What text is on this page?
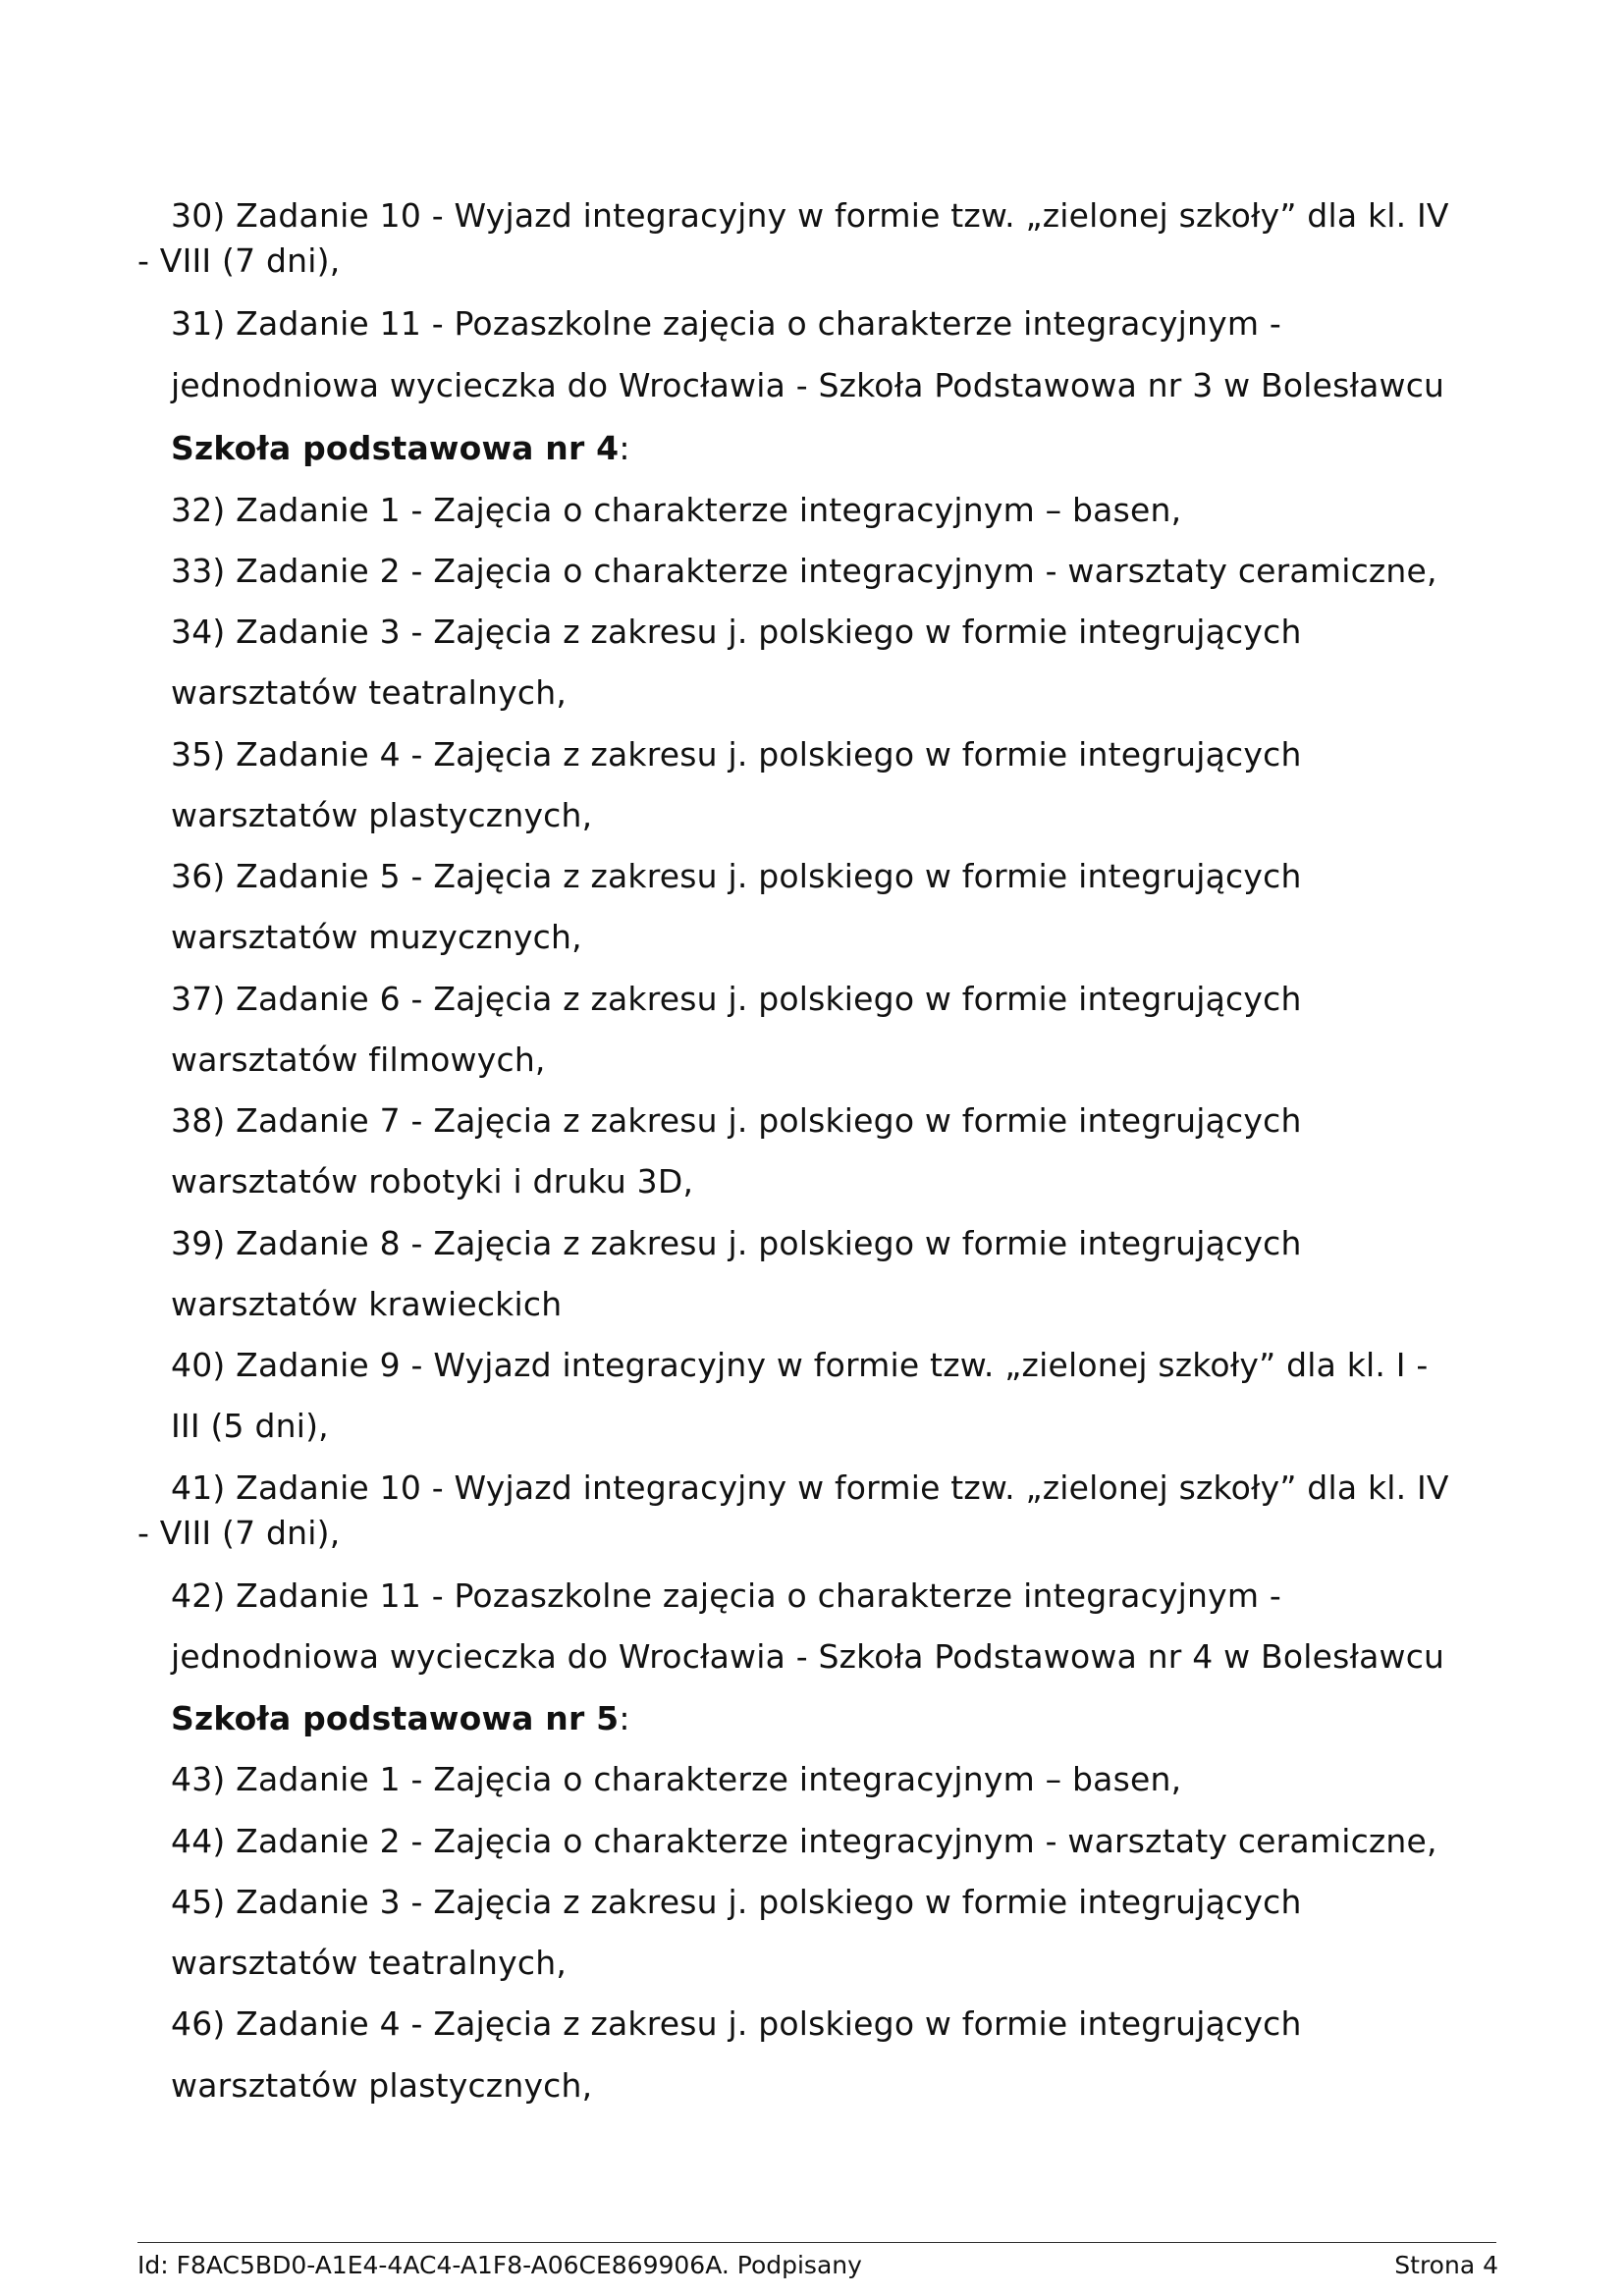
30) Zadanie 10 - Wyjazd integracyjny w formie tzw. „zielonej szkoły” dla kl. IV
- VIII (7 dni),
31) Zadanie 11 - Pozaszkolne zajęcia o charakterze integracyjnym -
jednodniowa wycieczka do Wrocławia - Szkoła Podstawowa nr 3 w Bolesławcu
Szkoła podstawowa nr 4:
32) Zadanie 1 - Zajęcia o charakterze integracyjnym – basen,
33) Zadanie 2 - Zajęcia o charakterze integracyjnym - warsztaty ceramiczne,
34) Zadanie 3 - Zajęcia z zakresu j. polskiego w formie integrujących
warsztatów teatralnych,
35) Zadanie 4 - Zajęcia z zakresu j. polskiego w formie integrujących
warsztatów plastycznych,
36) Zadanie 5 - Zajęcia z zakresu j. polskiego w formie integrujących
warsztatów muzycznych,
37) Zadanie 6 - Zajęcia z zakresu j. polskiego w formie integrujących
warsztatów filmowych,
38) Zadanie 7 - Zajęcia z zakresu j. polskiego w formie integrujących
warsztatów robotyki i druku 3D,
39) Zadanie 8 - Zajęcia z zakresu j. polskiego w formie integrujących
warsztatów krawieckich
40) Zadanie 9 - Wyjazd integracyjny w formie tzw. „zielonej szkoły” dla kl. I -
III (5 dni),
41) Zadanie 10 - Wyjazd integracyjny w formie tzw. „zielonej szkoły” dla kl. IV
- VIII (7 dni),
42) Zadanie 11 - Pozaszkolne zajęcia o charakterze integracyjnym -
jednodniowa wycieczka do Wrocławia - Szkoła Podstawowa nr 4 w Bolesławcu
Szkoła podstawowa nr 5:
43) Zadanie 1 - Zajęcia o charakterze integracyjnym – basen,
44) Zadanie 2 - Zajęcia o charakterze integracyjnym - warsztaty ceramiczne,
45) Zadanie 3 - Zajęcia z zakresu j. polskiego w formie integrujących
warsztatów teatralnych,
46) Zadanie 4 - Zajęcia z zakresu j. polskiego w formie integrujących
warsztatów plastycznych,
Id: F8AC5BD0-A1E4-4AC4-A1F8-A06CE869906A. Podpisany	Strona 4
